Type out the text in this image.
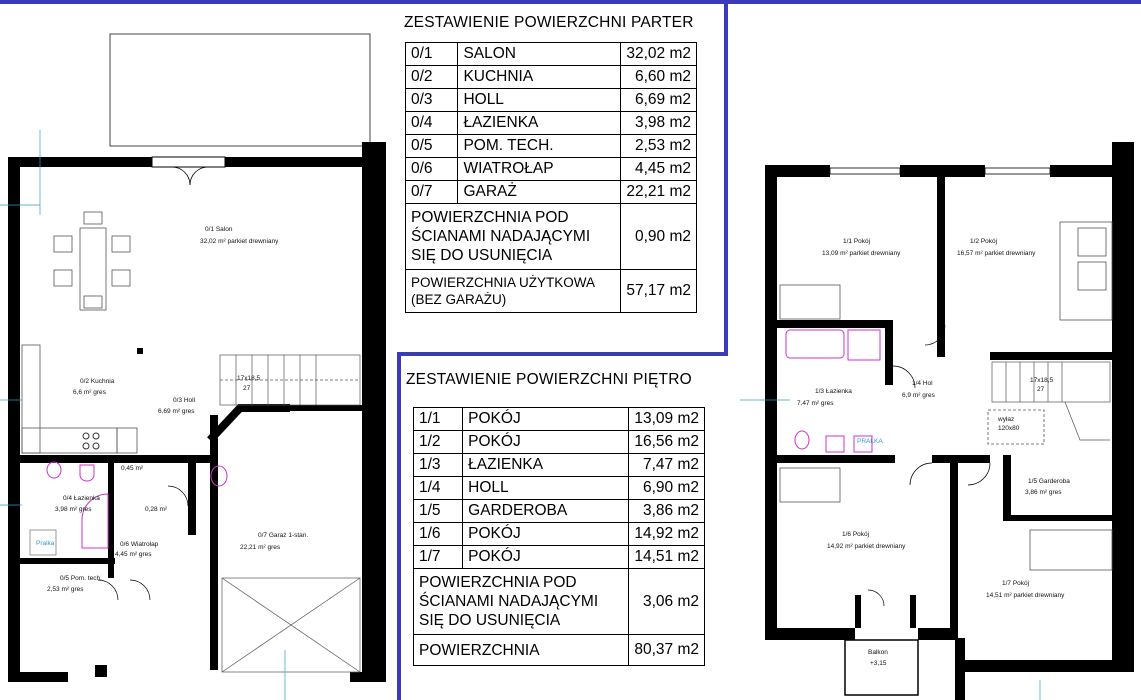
0/1 Salon
32,02 m² parkiet drewniany
0/2 Kuchnia
6,6 m² gres
0/3 Holl
6,69 m² gres
0/4 Łazienka
3,98 m² gres
0/6 Wiatrołap
4,45 m² gres
0/5 Pom. tech.
2,53 m² gres
0/7 Garaż 1-stan.
22,21 m² gres
17x18,5
27
0,45 m²
0,28 m²
Pralka
1/1 Pokój
13,09 m² parkiet drewniany
1/2 Pokój
16,57 m² parkiet drewniany
1/3 Łazienka
7,47 m² gres
1/4 Hol
6,9 m² gres
1/5 Garderoba
3,86 m² gres
1/6 Pokój
14,92 m² parkiet drewniany
1/7 Pokój
14,51 m² parkiet drewniany
17x18,5
27
wyłaz
120x80
PRALKA
Balkon
+3,15
ZESTAWIENIE POWIERZCHNI PARTER
0/1	SALON	32,02 m2
0/2	KUCHNIA	6,60 m2
0/3	HOLL	6,69 m2
0/4	ŁAZIENKA	3,98 m2
0/5	POM. TECH.	2,53 m2
0/6	WIATROŁAP	4,45 m2
0/7	GARAŻ	22,21 m2
POWIERZCHNIA POD ŚCIANAMI NADAJĄCYMI SIĘ DO USUNIĘCIA		0,90 m2
POWIERZCHNIA UŻYTKOWA (BEZ GARAŻU)		57,17 m2
ZESTAWIENIE POWIERZCHNI PIĘTRO
1/1	POKÓJ	13,09 m2
1/2	POKÓJ	16,56 m2
1/3	ŁAZIENKA	7,47 m2
1/4	HOLL	6,90 m2
1/5	GARDEROBA	3,86 m2
1/6	POKÓJ	14,92 m2
1/7	POKÓJ	14,51 m2
POWIERZCHNIA POD ŚCIANAMI NADAJĄCYMI SIĘ DO USUNIĘCIA		3,06 m2
POWIERZCHNIA		80,37 m2
